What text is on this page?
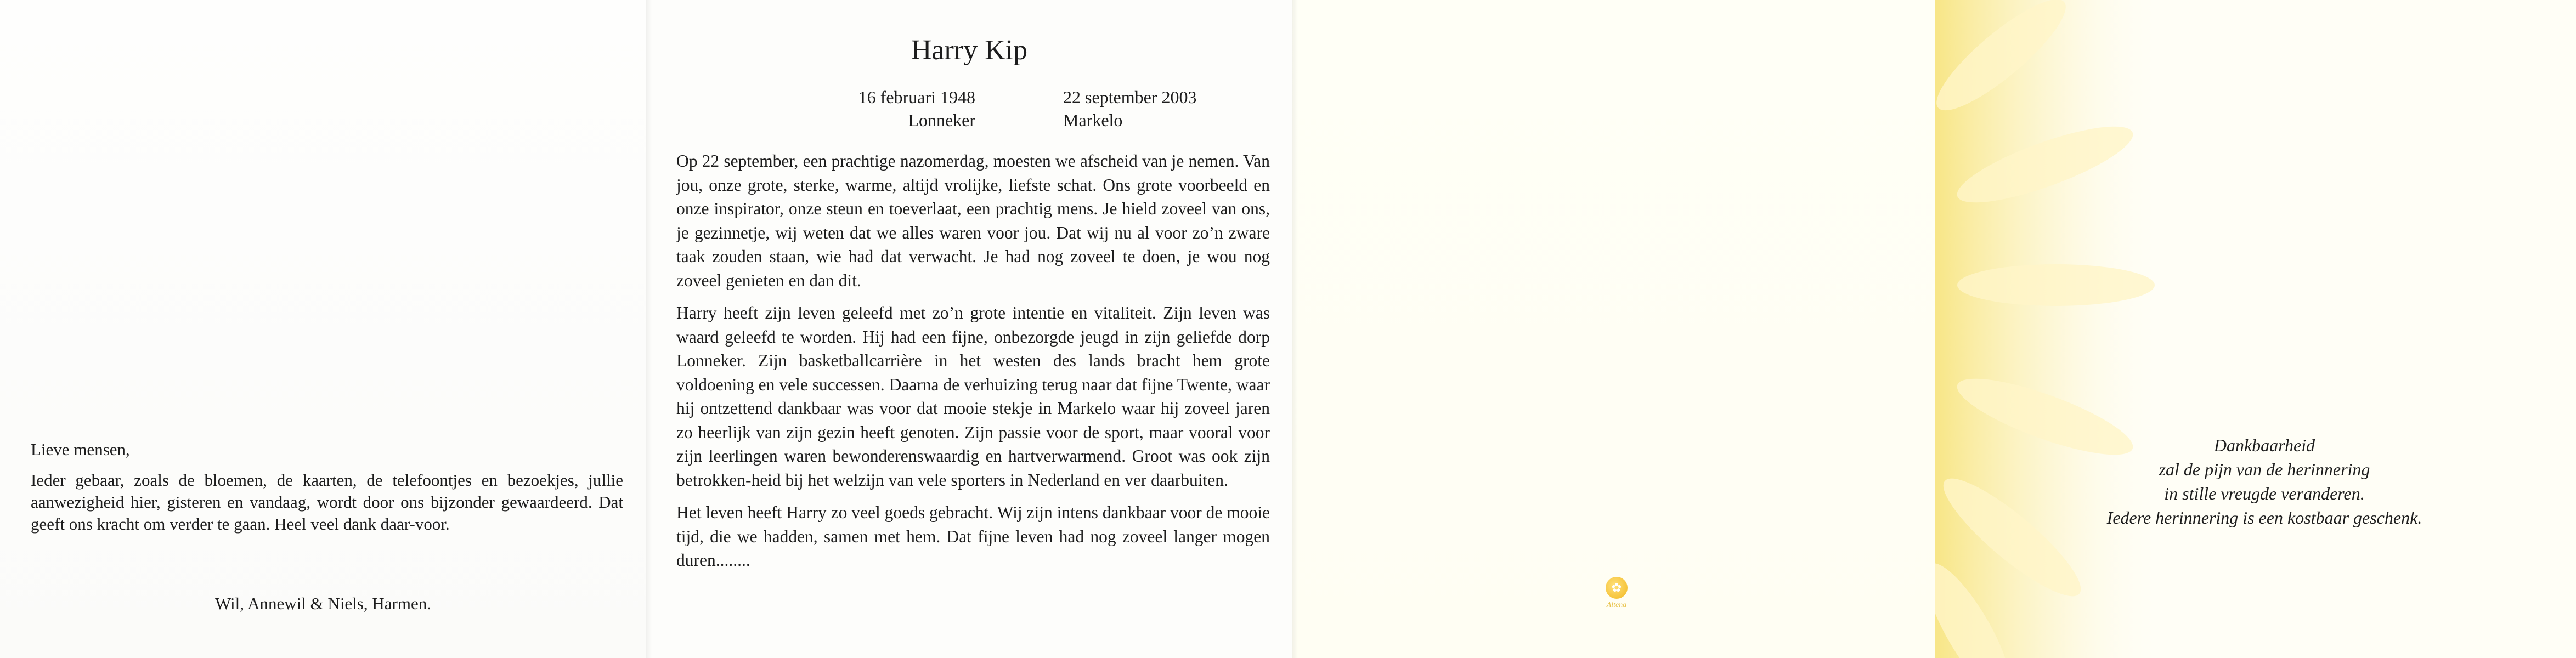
Lieve mensen,

Ieder gebaar, zoals de bloemen, de kaarten, de telefoontjes en bezoekjes, jullie aanwezigheid hier, gisteren en vandaag, wordt door ons bijzonder gewaardeerd. Dat geeft ons kracht om verder te gaan. Heel veel dank daar-voor.

Wil, Annewil & Niels, Harmen.
Harry Kip
16 februari 1948
Lonneker
22 september 2003
Markelo

Op 22 september, een prachtige nazomerdag, moesten we afscheid van je nemen. Van jou, onze grote, sterke, warme, altijd vrolijke, liefste schat. Ons grote voorbeeld en onze inspirator, onze steun en toeverlaat, een prachtig mens. Je hield zoveel van ons, je gezinnetje, wij weten dat we alles waren voor jou. Dat wij nu al voor zo’n zware taak zouden staan, wie had dat verwacht. Je had nog zoveel te doen, je wou nog zoveel genieten en dan dit.

Harry heeft zijn leven geleefd met zo’n grote intentie en vitaliteit. Zijn leven was waard geleefd te worden. Hij had een fijne, onbezorgde jeugd in zijn geliefde dorp Lonneker. Zijn basketballcarrière in het westen des lands bracht hem grote voldoening en vele successen. Daarna de verhuizing terug naar dat fijne Twente, waar hij ontzettend dankbaar was voor dat mooie stekje in Markelo waar hij zoveel jaren zo heerlijk van zijn gezin heeft genoten. Zijn passie voor de sport, maar vooral voor zijn leerlingen waren bewonderenswaardig en hartverwarmend. Groot was ook zijn betrokken-heid bij het welzijn van vele sporters in Nederland en ver daarbuiten.

Het leven heeft Harry zo veel goeds gebracht. Wij zijn intens dankbaar voor de mooie tijd, die we hadden, samen met hem. Dat fijne leven had nog zoveel langer mogen duren........

✿
Altena
Dankbaarheid
zal de pijn van de herinnering
in stille vreugde veranderen.
Iedere herinnering is een kostbaar geschenk.
